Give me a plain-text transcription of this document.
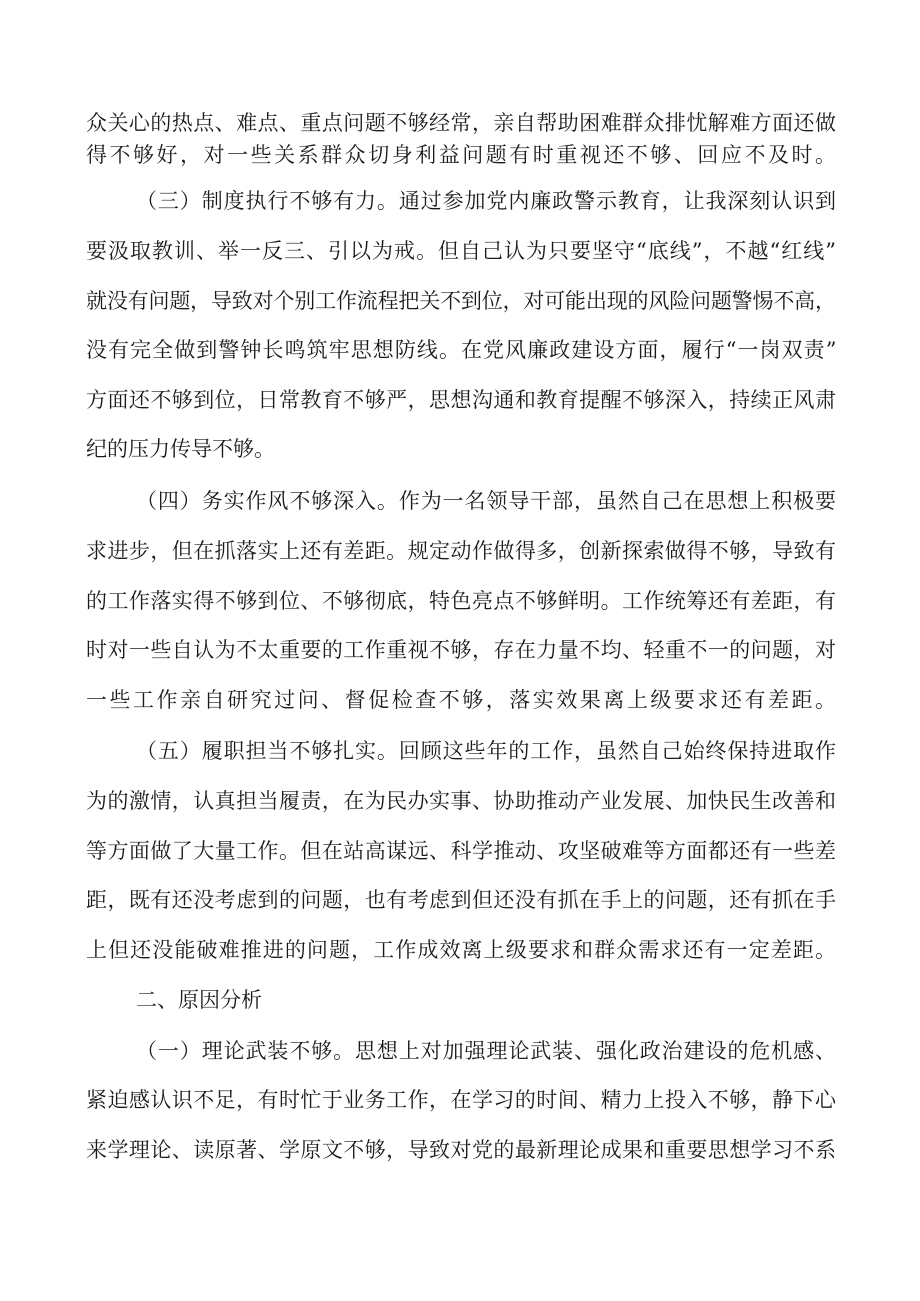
众关心的热点、难点、重点问题不够经常，亲自帮助困难群众排忧解难方面还做
得不够好，对一些关系群众切身利益问题有时重视还不够、回应不及时。
（三）制度执行不够有力。通过参加党内廉政警示教育，让我深刻认识到
要汲取教训、举一反三、引以为戒。但自己认为只要坚守“底线”，不越“红线”
就没有问题，导致对个别工作流程把关不到位，对可能出现的风险问题警惕不高，
没有完全做到警钟长鸣筑牢思想防线。在党风廉政建设方面，履行“一岗双责”
方面还不够到位，日常教育不够严，思想沟通和教育提醒不够深入，持续正风肃
纪的压力传导不够。
（四）务实作风不够深入。作为一名领导干部，虽然自己在思想上积极要
求进步，但在抓落实上还有差距。规定动作做得多，创新探索做得不够，导致有
的工作落实得不够到位、不够彻底，特色亮点不够鲜明。工作统筹还有差距，有
时对一些自认为不太重要的工作重视不够，存在力量不均、轻重不一的问题，对
一些工作亲自研究过问、督促检查不够，落实效果离上级要求还有差距。
（五）履职担当不够扎实。回顾这些年的工作，虽然自己始终保持进取作
为的激情，认真担当履责，在为民办实事、协助推动产业发展、加快民生改善和
等方面做了大量工作。但在站高谋远、科学推动、攻坚破难等方面都还有一些差
距，既有还没考虑到的问题，也有考虑到但还没有抓在手上的问题，还有抓在手
上但还没能破难推进的问题，工作成效离上级要求和群众需求还有一定差距。
二、原因分析
（一）理论武装不够。思想上对加强理论武装、强化政治建设的危机感、
紧迫感认识不足，有时忙于业务工作，在学习的时间、精力上投入不够，静下心
来学理论、读原著、学原文不够，导致对党的最新理论成果和重要思想学习不系
